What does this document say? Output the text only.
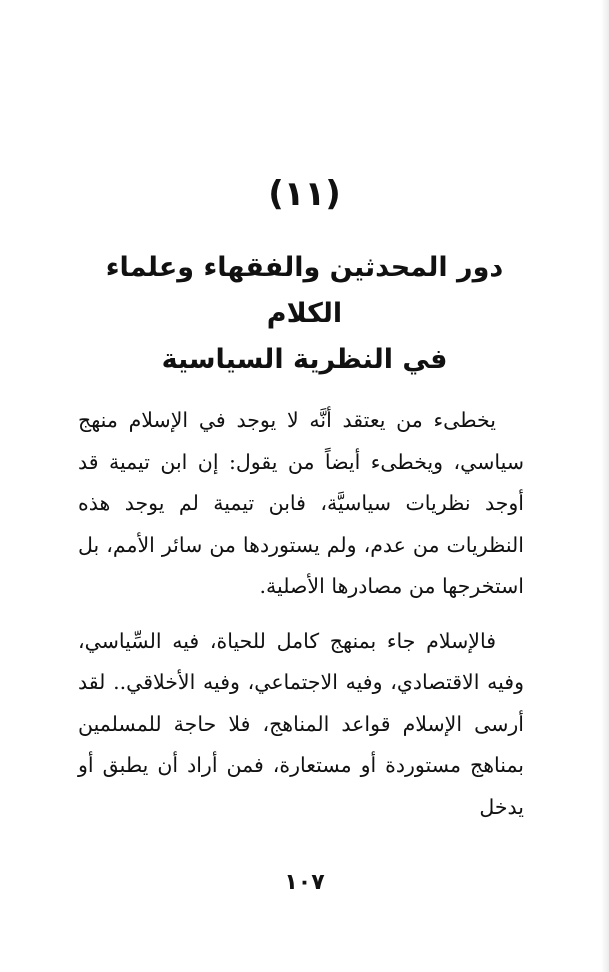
(١١)
دور المحدثين والفقهاء وعلماء
الكلام
في النظرية السياسية

يخطىء من يعتقد أنَّه لا يوجد في الإسلام منهج سياسي، ويخطىء أيضاً من يقول: إن ابن تيمية قد أوجد نظريات سياسيَّة، فابن تيمية لم يوجد هذه النظريات من عدم، ولم يستوردها من سائر الأمم، بل استخرجها من مصادرها الأصلية.

فالإسلام جاء بمنهج كامل للحياة، فيه السِّياسي، وفيه الاقتصادي، وفيه الاجتماعي، وفيه الأخلاقي.. لقد أرسى الإسلام قواعد المناهج، فلا حاجة للمسلمين بمناهج مستوردة أو مستعارة، فمن أراد أن يطبق أو يدخل

١٠٧
